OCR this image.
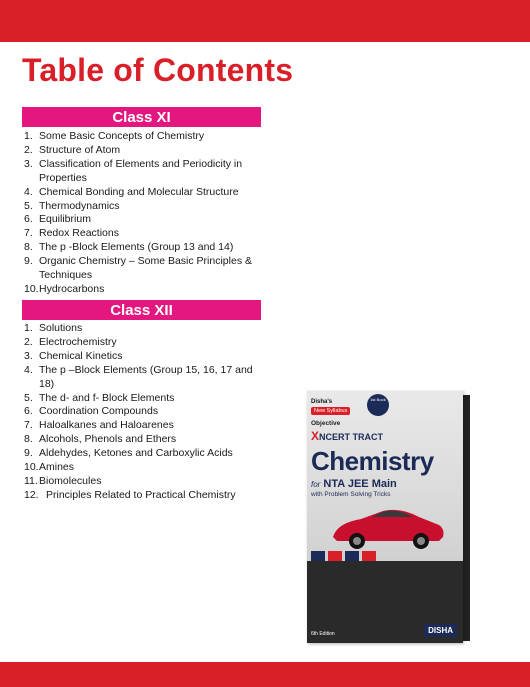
Table of Contents
Class XI
1. Some Basic Concepts of Chemistry
2. Structure of Atom
3. Classification of Elements and Periodicity in Properties
4. Chemical Bonding and Molecular Structure
5. Thermodynamics
6. Equilibrium
7. Redox Reactions
8. The p -Block Elements (Group 13 and 14)
9. Organic Chemistry – Some Basic Principles & Techniques
10. Hydrocarbons
Class XII
1. Solutions
2. Electrochemistry
3. Chemical Kinetics
4. The p –Block Elements (Group 15, 16, 17 and 18)
5. The d- and f- Block Elements
6. Coordination Compounds
7. Haloalkanes and Haloarenes
8. Alcohols, Phenols and Ethers
9. Aldehydes, Ketones and Carboxylic Acids
10. Amines
11. Biomolecules
12. Principles Related to Practical Chemistry
Disha's
New Syllabus
1st Book
Objective
XNCERT TRACT
Chemistry
for NTA JEE Main
with Problem Solving Tricks
6th Edition	DISHA
